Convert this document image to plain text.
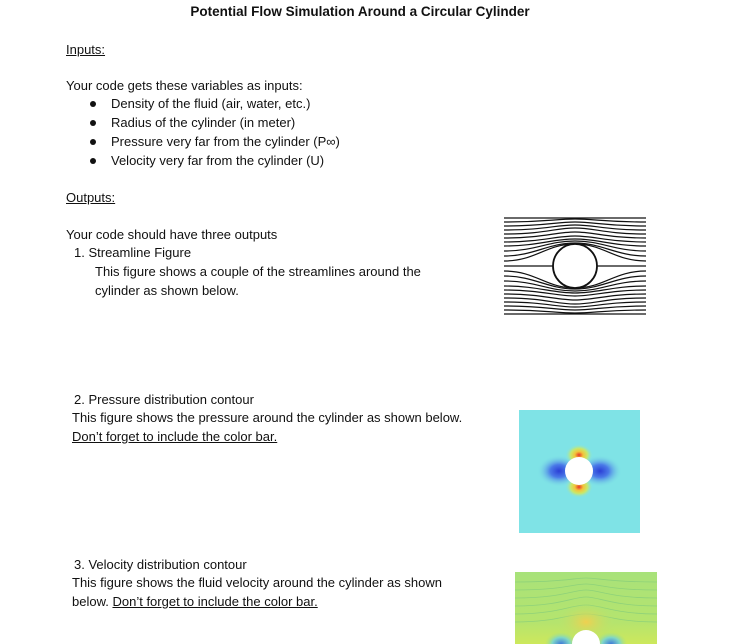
Potential Flow Simulation Around a Circular Cylinder

Inputs:

Your code gets these variables as inputs:

Density of the fluid (air, water, etc.)
Radius of the cylinder (in meter)
Pressure very far from the cylinder (P∞)
Velocity very far from the cylinder (U)

Outputs:

Your code should have three outputs

1. Streamline Figure

This figure shows a couple of the streamlines around the

cylinder as shown below.

2. Pressure distribution contour

This figure shows the pressure around the cylinder as shown below.

Don’t forget to include the color bar.

3. Velocity distribution contour

This figure shows the fluid velocity around the cylinder as shown

below. Don’t forget to include the color bar.
